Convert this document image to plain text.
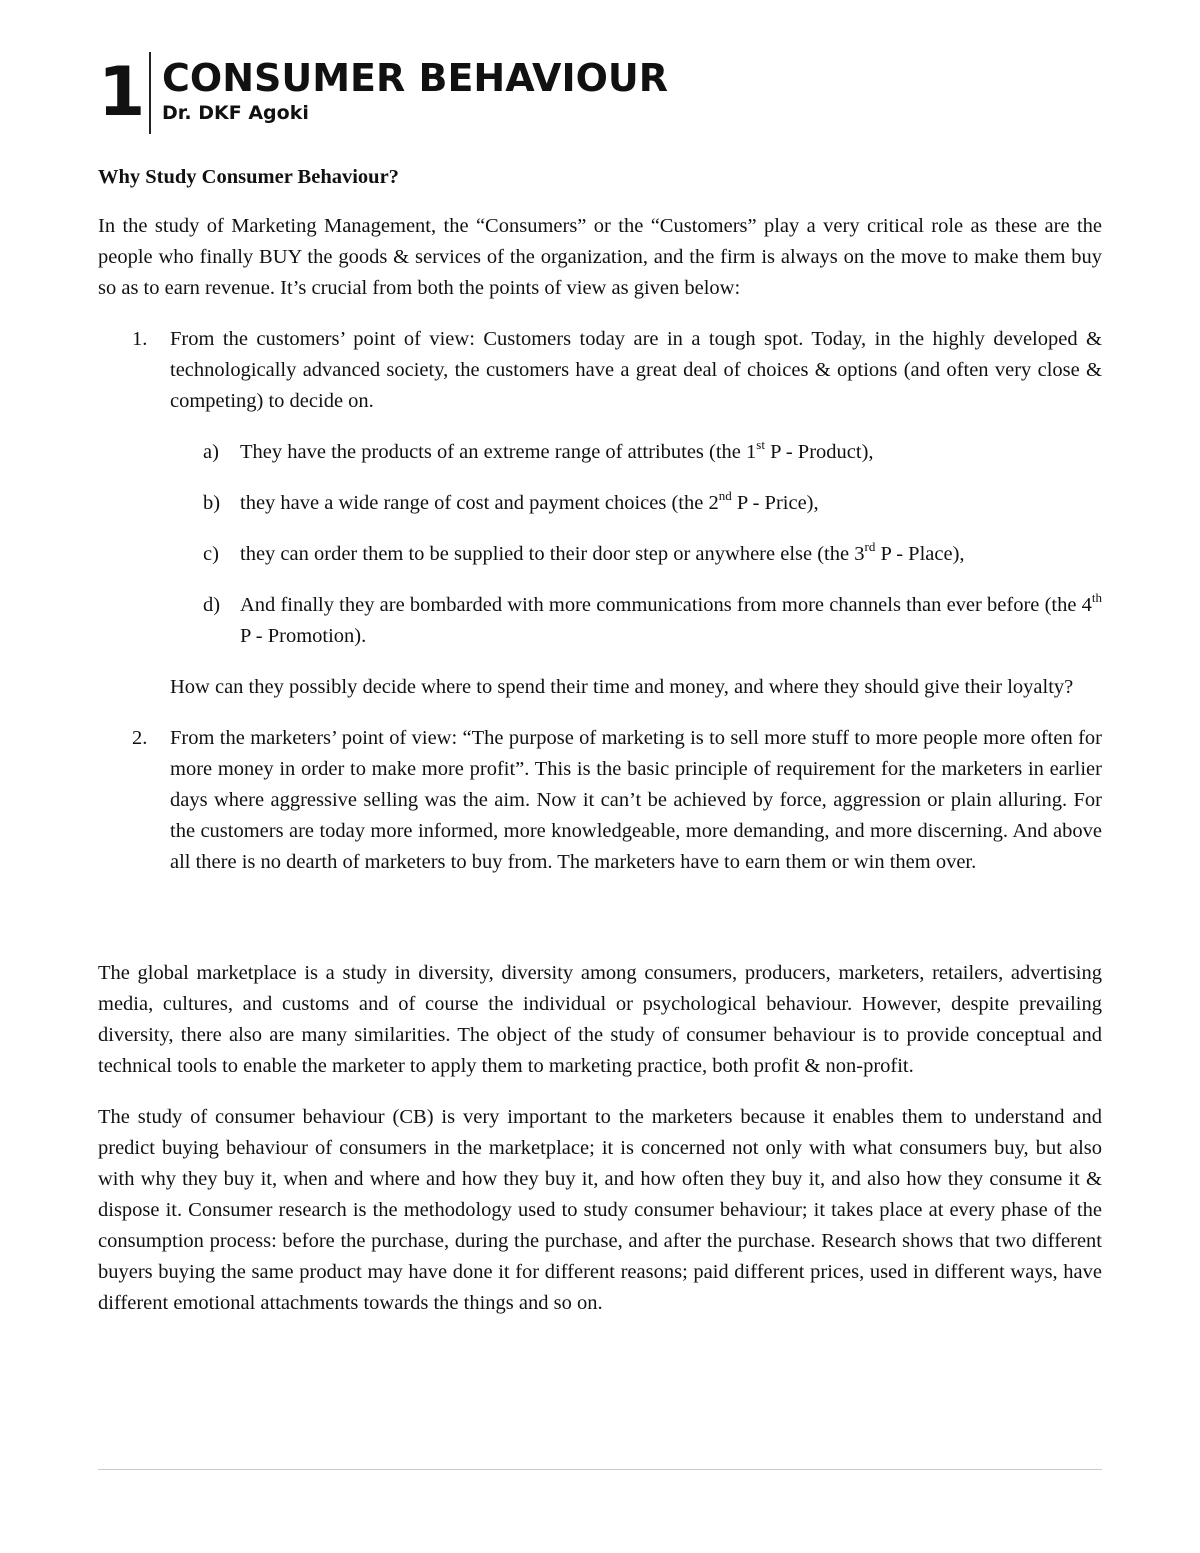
1 CONSUMER BEHAVIOUR
Dr. DKF Agoki
Why Study Consumer Behaviour?

In the study of Marketing Management, the “Consumers” or the “Customers” play a very critical role as these are the people who finally BUY the goods & services of the organization, and the firm is always on the move to make them buy so as to earn revenue. It’s crucial from both the points of view as given below:

1. From the customers’ point of view: Customers today are in a tough spot. Today, in the highly developed & technologically advanced society, the customers have a great deal of choices & options (and often very close & competing) to decide on.

a) They have the products of an extreme range of attributes (the 1st P - Product),

b) they have a wide range of cost and payment choices (the 2nd P - Price),

c) they can order them to be supplied to their door step or anywhere else (the 3rd P - Place),

d) And finally they are bombarded with more communications from more channels than ever before (the 4th P - Promotion).

How can they possibly decide where to spend their time and money, and where they should give their loyalty?

2. From the marketers’ point of view: “The purpose of marketing is to sell more stuff to more people more often for more money in order to make more profit”. This is the basic principle of requirement for the marketers in earlier days where aggressive selling was the aim. Now it can’t be achieved by force, aggression or plain alluring. For the customers are today more informed, more knowledgeable, more demanding, and more discerning. And above all there is no dearth of marketers to buy from. The marketers have to earn them or win them over.

The global marketplace is a study in diversity, diversity among consumers, producers, marketers, retailers, advertising media, cultures, and customs and of course the individual or psychological behaviour. However, despite prevailing diversity, there also are many similarities. The object of the study of consumer behaviour is to provide conceptual and technical tools to enable the marketer to apply them to marketing practice, both profit & non-profit.

The study of consumer behaviour (CB) is very important to the marketers because it enables them to understand and predict buying behaviour of consumers in the marketplace; it is concerned not only with what consumers buy, but also with why they buy it, when and where and how they buy it, and how often they buy it, and also how they consume it & dispose it. Consumer research is the methodology used to study consumer behaviour; it takes place at every phase of the consumption process: before the purchase, during the purchase, and after the purchase. Research shows that two different buyers buying the same product may have done it for different reasons; paid different prices, used in different ways, have different emotional attachments towards the things and so on.
